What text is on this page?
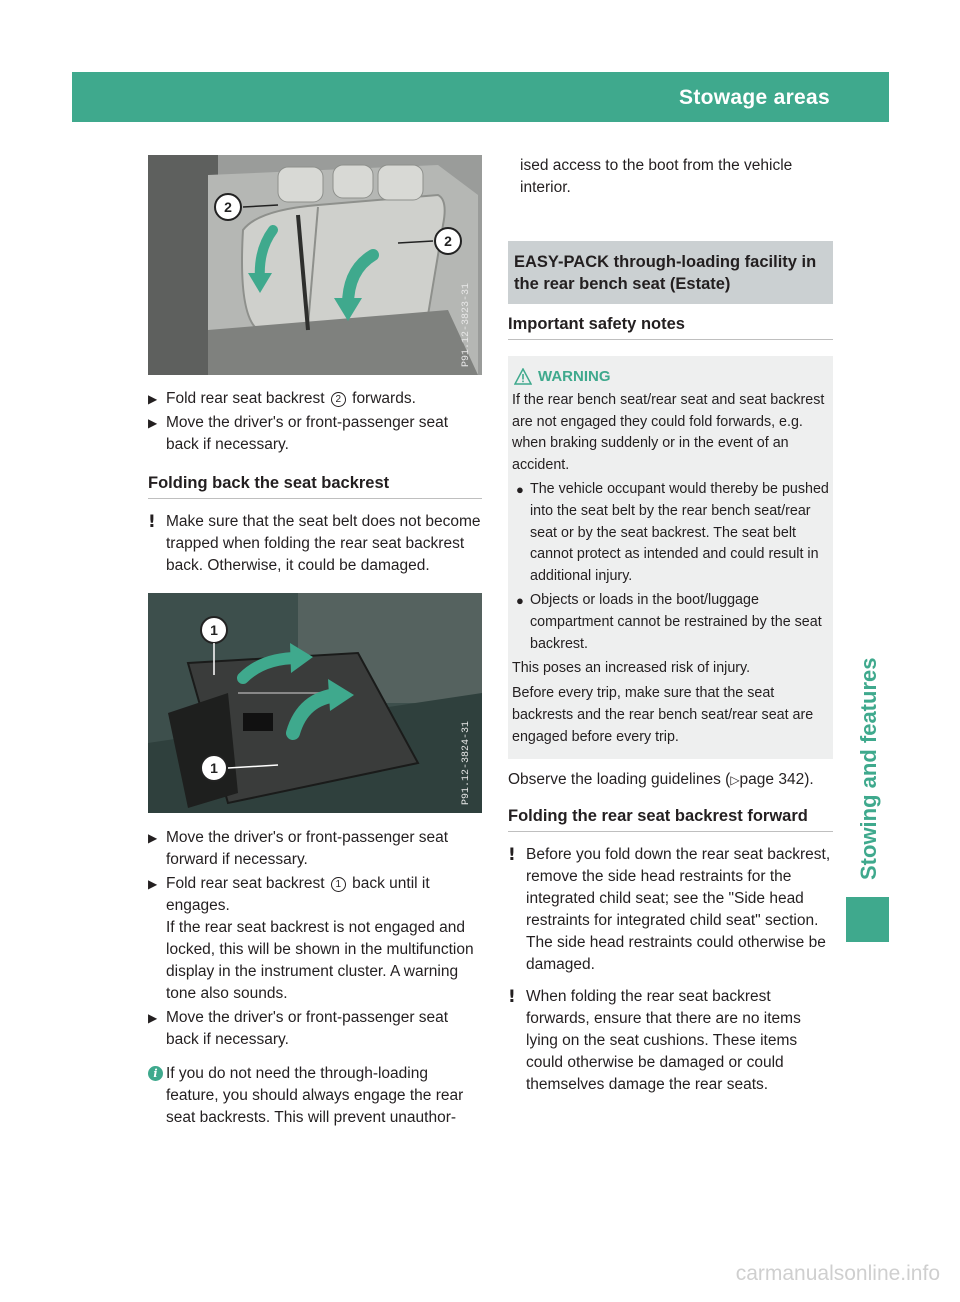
Stowage areas	349
Stowing and features
2
2
P91.12-3823-31
▶ Fold rear seat backrest 2 forwards.
▶ Move the driver's or front-passenger seat back if necessary.
Folding back the seat backrest
! Make sure that the seat belt does not become trapped when folding the rear seat backrest back. Otherwise, it could be damaged.
1
1	P91.12-3824-31
▶ Move the driver's or front-passenger seat forward if necessary.
▶ Fold rear seat backrest 1 back until it engages.
If the rear seat backrest is not engaged and locked, this will be shown in the multifunction display in the instrument cluster. A warning tone also sounds.
▶ Move the driver's or front-passenger seat back if necessary.
i If you do not need the through-loading feature, you should always engage the rear seat backrests. This will prevent unauthor-
ised access to the boot from the vehicle interior.
EASY-PACK through-loading facility in the rear bench seat (Estate)
Important safety notes
WARNING
If the rear bench seat/rear seat and seat backrest are not engaged they could fold forwards, e.g. when braking suddenly or in the event of an accident.
● The vehicle occupant would thereby be pushed into the seat belt by the rear bench seat/rear seat or by the seat backrest. The seat belt cannot protect as intended and could result in additional injury.
● Objects or loads in the boot/luggage compartment cannot be restrained by the seat backrest.
This poses an increased risk of injury.
Before every trip, make sure that the seat backrests and the rear bench seat/rear seat are engaged before every trip.
Observe the loading guidelines (▷page 342).
Folding the rear seat backrest forward
! Before you fold down the rear seat backrest, remove the side head restraints for the integrated child seat; see the "Side head restraints for integrated child seat" section. The side head restraints could otherwise be damaged.
! When folding the rear seat backrest forwards, ensure that there are no items lying on the seat cushions. These items could otherwise be damaged or could themselves damage the rear seats.
carmanualsonline.info
